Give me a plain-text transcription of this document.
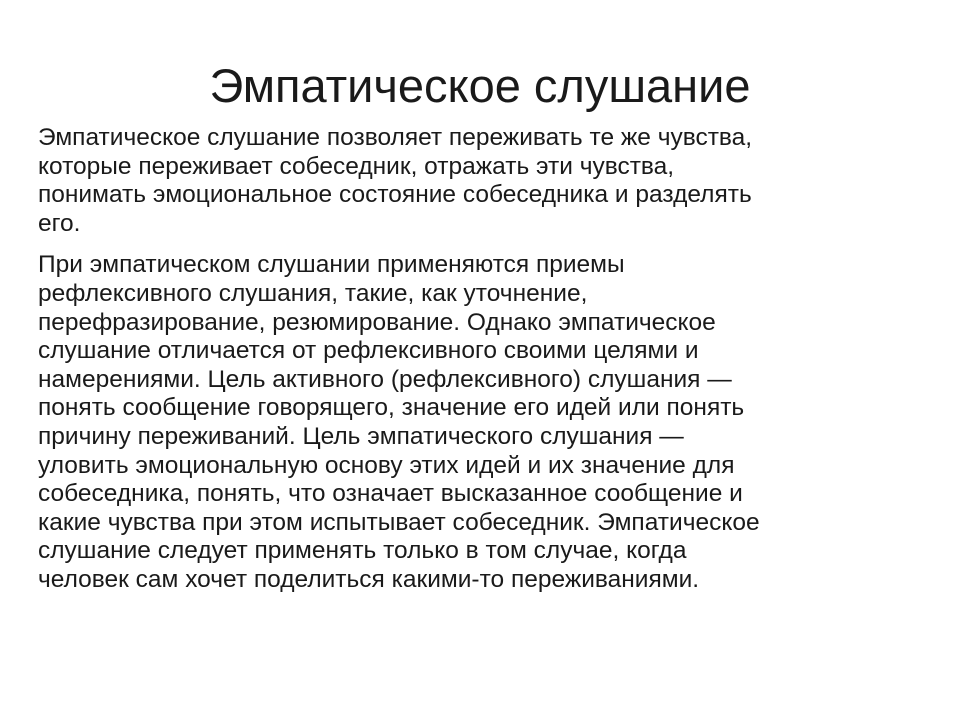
Эмпатическое слушание

Эмпатическое слушание позволяет переживать те же чувства,
которые переживает собеседник, отражать эти чувства,
понимать эмоциональное состояние собеседника и разделять
его.

При эмпатическом слушании применяются приемы
рефлексивного слушания, такие, как уточнение,
перефразирование, резюмирование. Однако эмпатическое
слушание отличается от рефлексивного своими целями и
намерениями. Цель активного (рефлексивного) слушания —
понять сообщение говорящего, значение его идей или понять
причину переживаний. Цель эмпатического слушания —
уловить эмоциональную основу этих идей и их значение для
собеседника, понять, что означает высказанное сообщение и
какие чувства при этом испытывает собеседник. Эмпатическое
слушание следует применять только в том случае, когда
человек сам хочет поделиться какими-то переживаниями.
